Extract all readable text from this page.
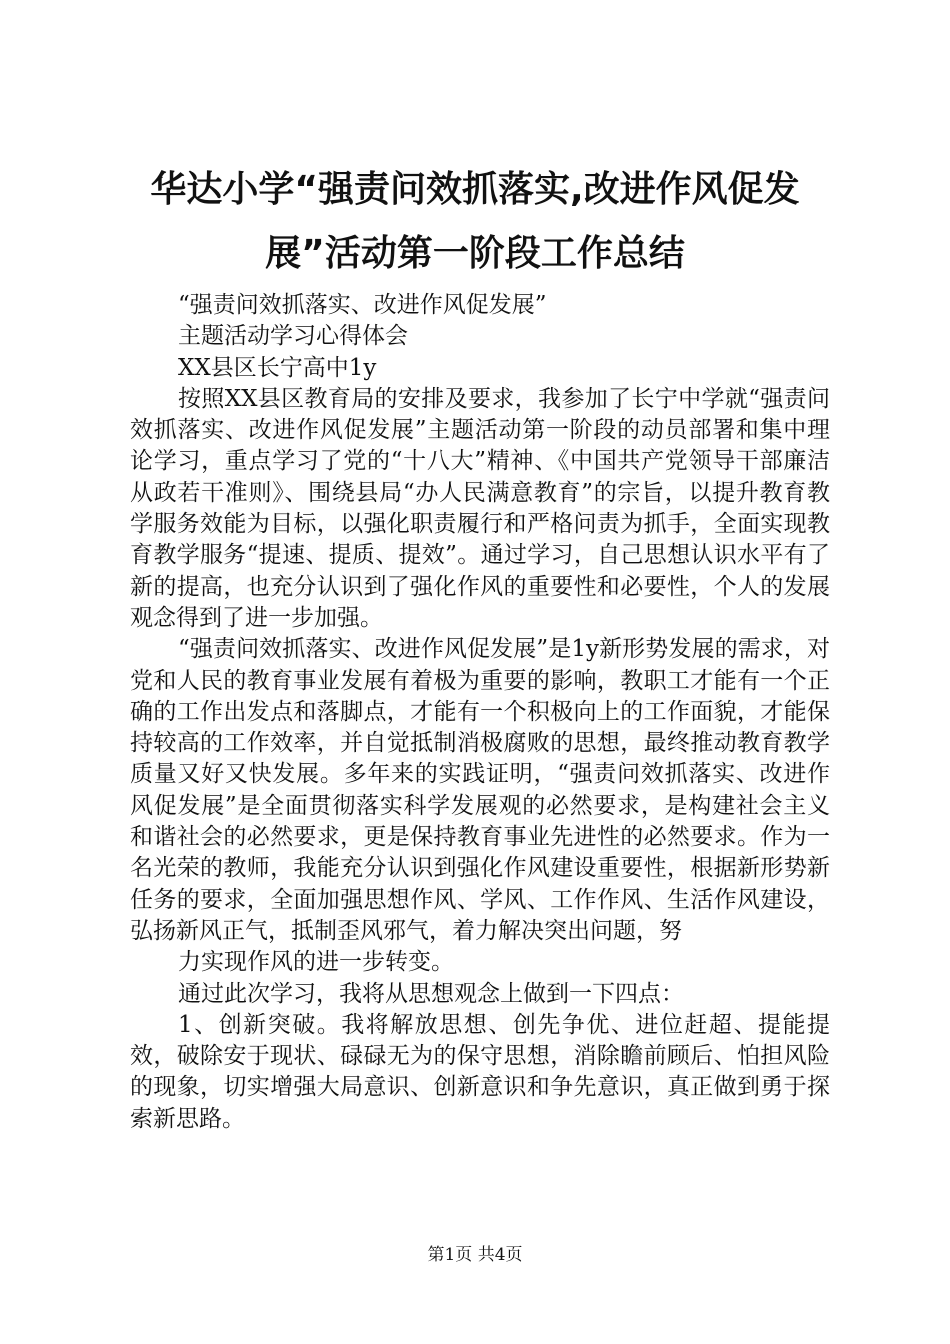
华达小学“强责问效抓落实,改进作风促发
展”活动第一阶段工作总结

“强责问效抓落实、改进作风促发展”

主题活动学习心得体会

XX县区长宁高中1y

按照XX县区教育局的安排及要求，我参加了长宁中学就“强责问效抓落实、改进作风促发展”主题活动第一阶段的动员部署和集中理论学习，重点学习了党的“十八大”精神、《中国共产党领导干部廉洁从政若干准则》、围绕县局“办人民满意教育”的宗旨，以提升教育教学服务效能为目标，以强化职责履行和严格问责为抓手，全面实现教育教学服务“提速、提质、提效”。通过学习，自己思想认识水平有了新的提高，也充分认识到了强化作风的重要性和必要性，个人的发展观念得到了进一步加强。

“强责问效抓落实、改进作风促发展”是1y新形势发展的需求，对党和人民的教育事业发展有着极为重要的影响，教职工才能有一个正确的工作出发点和落脚点，才能有一个积极向上的工作面貌，才能保持较高的工作效率，并自觉抵制消极腐败的思想，最终推动教育教学质量又好又快发展。多年来的实践证明，“强责问效抓落实、改进作风促发展”是全面贯彻落实科学发展观的必然要求，是构建社会主义和谐社会的必然要求，更是保持教育事业先进性的必然要求。作为一名光荣的教师，我能充分认识到强化作风建设重要性，根据新形势新任务的要求，全面加强思想作风、学风、工作作风、生活作风建设，弘扬新风正气，抵制歪风邪气，着力解决突出问题，努

力实现作风的进一步转变。

通过此次学习，我将从思想观念上做到一下四点：

1、创新突破。我将解放思想、创先争优、进位赶超、提能提效，破除安于现状、碌碌无为的保守思想，消除瞻前顾后、怕担风险的现象，切实增强大局意识、创新意识和争先意识，真正做到勇于探索新思路。

第1页 共4页
